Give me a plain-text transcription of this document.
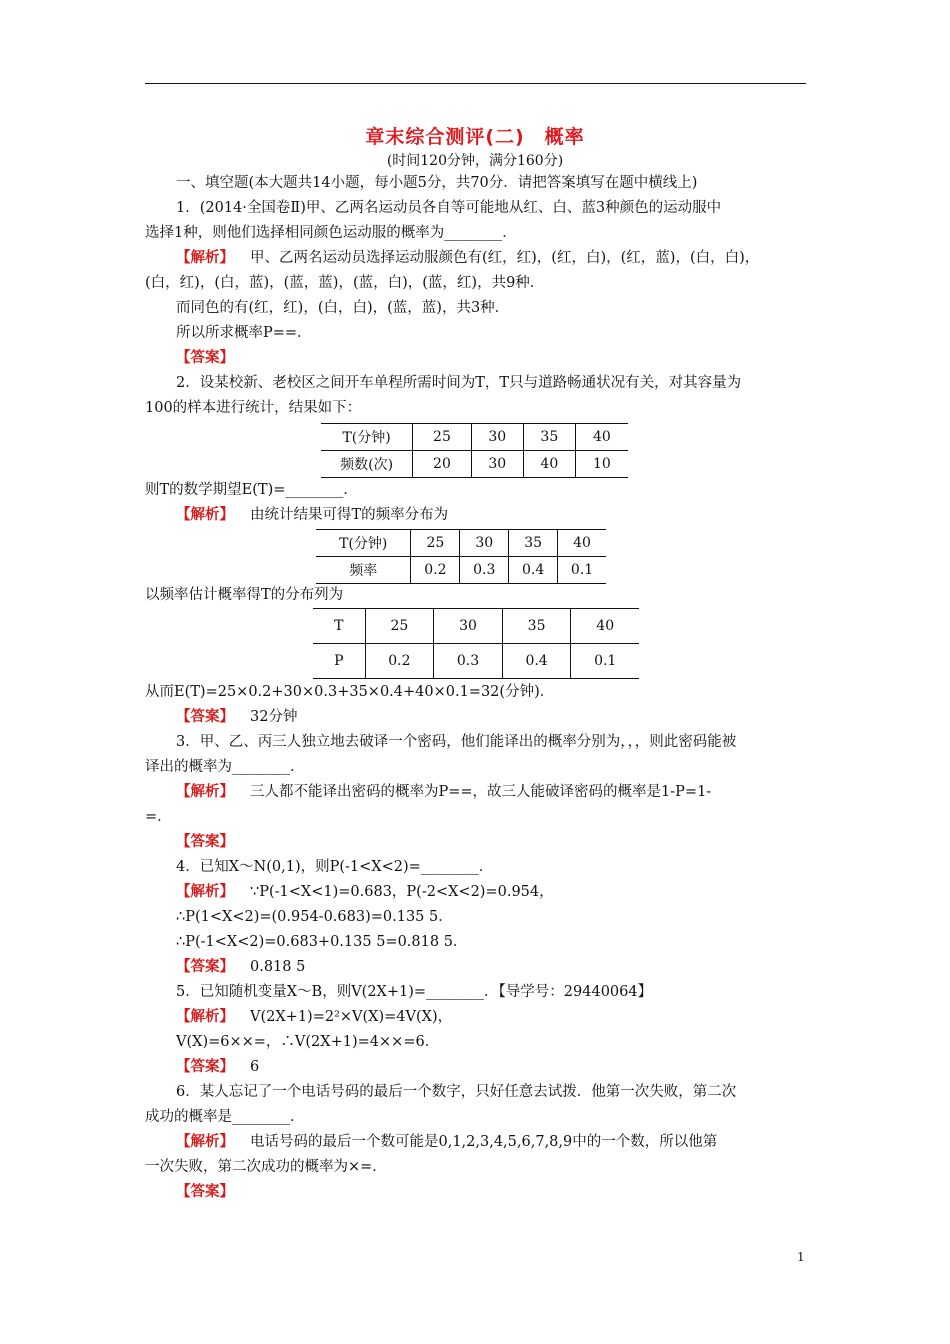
章末综合测评(二)　概率
(时间120分钟，满分160分)
一、填空题(本大题共14小题，每小题5分，共70分．请把答案填写在题中横线上)
1．(2014·全国卷Ⅱ)甲、乙两名运动员各自等可能地从红、白、蓝3种颜色的运动服中
选择1种，则他们选择相同颜色运动服的概率为________．
【解析】 甲、乙两名运动员选择运动服颜色有(红，红)，(红，白)，(红，蓝)，(白，白)，
(白，红)，(白，蓝)，(蓝，蓝)，(蓝，白)，(蓝，红)，共9种．
而同色的有(红，红)，(白，白)，(蓝，蓝)，共3种．
所以所求概率P==．
【答案】
2．设某校新、老校区之间开车单程所需时间为T，T只与道路畅通状况有关，对其容量为
100的样本进行统计，结果如下：
T(分钟)	25	30	35	40
频数(次)	20	30	40	10
则T的数学期望E(T)=________．
【解析】 由统计结果可得T的频率分布为
T(分钟)	25	30	35	40
频率	0.2	0.3	0.4	0.1
以频率估计概率得T的分布列为
T	25	30	35	40
P	0.2	0.3	0.4	0.1
从而E(T)=25×0.2+30×0.3+35×0.4+40×0.1=32(分钟)．
【答案】 32分钟
3．甲、乙、丙三人独立地去破译一个密码，他们能译出的概率分别为，，，则此密码能被
译出的概率为________．
【解析】 三人都不能译出密码的概率为P==，故三人能破译密码的概率是1-P=1-
=．
【答案】
4．已知X～N(0,1)，则P(-1<X<2)=________．
【解析】 ∵P(-1<X<1)=0.683，P(-2<X<2)=0.954，
∴P(1<X<2)=(0.954-0.683)=0.135 5．
∴P(-1<X<2)=0.683+0.135 5=0.818 5．
【答案】 0.818 5
5．已知随机变量X～B，则V(2X+1)=________．【导学号：29440064】
【解析】 V(2X+1)=2²×V(X)=4V(X)，
V(X)=6××=，∴V(2X+1)=4××=6．
【答案】 6
6．某人忘记了一个电话号码的最后一个数字，只好任意去试拨．他第一次失败，第二次
成功的概率是________．
【解析】 电话号码的最后一个数可能是0,1,2,3,4,5,6,7,8,9中的一个数，所以他第
一次失败，第二次成功的概率为×=．
【答案】
1
